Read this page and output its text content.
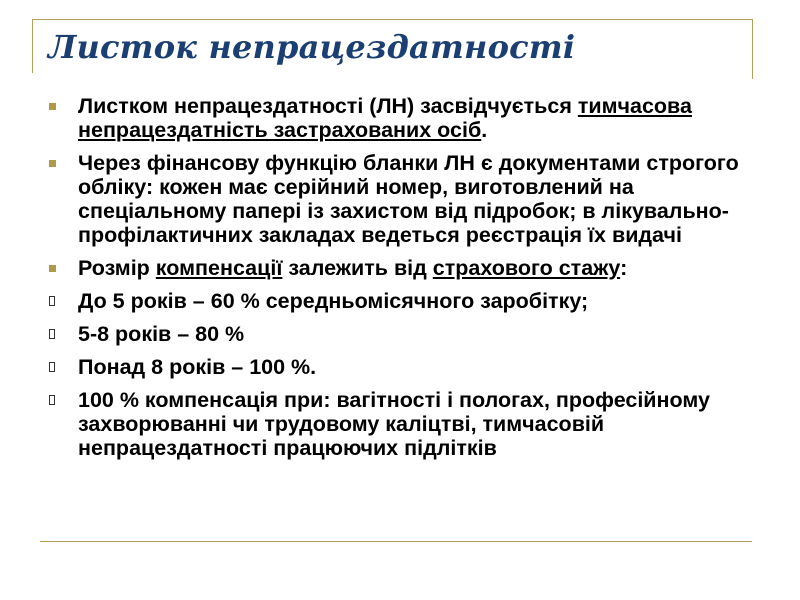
Листок непрацездатності
Листком непрацездатності (ЛН) засвідчується тимчасова непрацездатність застрахованих осіб.
Через фінансову функцію бланки ЛН є документами строгого обліку: кожен має серійний номер, виготовлений на спеціальному папері із захистом від підробок; в лікувально-профілактичних закладах ведеться реєстрація їх видачі
Розмір компенсації залежить від страхового стажу:
До 5 років – 60 % середньомісячного заробітку;
5-8 років – 80 %
Понад 8 років – 100 %.
100 % компенсація при: вагітності і пологах, професійному захворюванні чи трудовому каліцтві, тимчасовій непрацездатності працюючих підлітків
